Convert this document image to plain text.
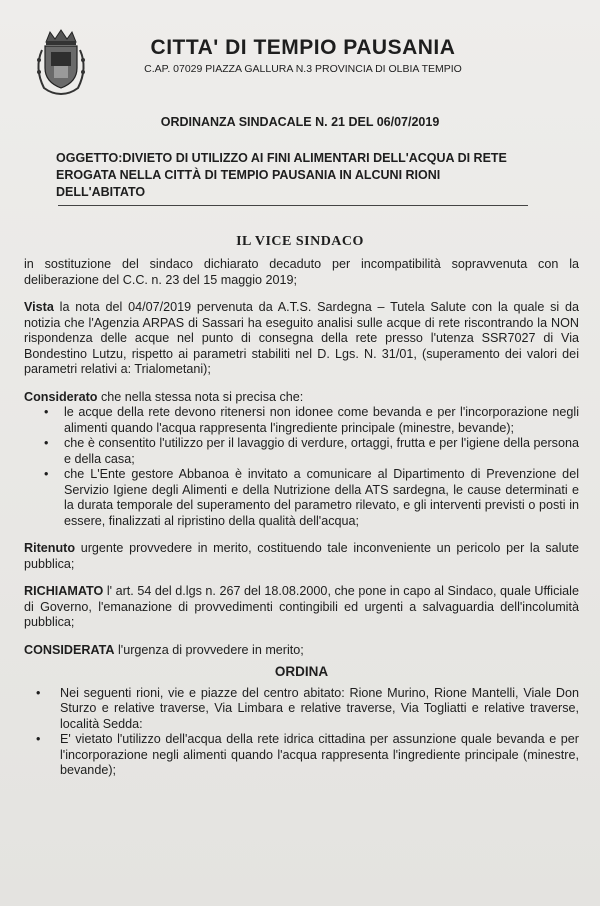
CITTA' DI TEMPIO PAUSANIA
C.AP. 07029 PIAZZA GALLURA N.3 PROVINCIA DI OLBIA TEMPIO
ORDINANZA SINDACALE N. 21 DEL 06/07/2019
OGGETTO:DIVIETO DI UTILIZZO AI FINI ALIMENTARI DELL'ACQUA DI RETE EROGATA NELLA CITTÀ DI TEMPIO PAUSANIA IN ALCUNI RIONI DELL'ABITATO
IL VICE SINDACO

in sostituzione del sindaco dichiarato decaduto per incompatibilità sopravvenuta con la deliberazione del C.C. n. 23 del 15 maggio 2019;

Vista la nota del 04/07/2019 pervenuta da A.T.S. Sardegna – Tutela Salute con la quale si da notizia che l'Agenzia ARPAS di Sassari ha eseguito analisi sulle acque di rete riscontrando la NON rispondenza delle acque nel punto di consegna della rete presso l'utenza SSR7027 di Via Bondestino Lutzu, rispetto ai parametri stabiliti nel D. Lgs. N. 31/01, (superamento dei valori dei parametri relativi a: Trialometani);

Considerato che nella stessa nota si precisa che:

• le acque della rete devono ritenersi non idonee come bevanda e per l'incorporazione negli alimenti quando l'acqua rappresenta l'ingrediente principale (minestre, bevande);
• che è consentito l'utilizzo per il lavaggio di verdure, ortaggi, frutta e per l'igiene della persona e della casa;
• che L'Ente gestore Abbanoa è invitato a comunicare al Dipartimento di Prevenzione del Servizio Igiene degli Alimenti e della Nutrizione della ATS sardegna, le cause determinati e la durata temporale del superamento del parametro rilevato, e gli interventi previsti o posti in essere, finalizzati al ripristino della qualità dell'acqua;

Ritenuto urgente provvedere in merito, costituendo tale inconveniente un pericolo per la salute pubblica;

RICHIAMATO l' art. 54 del d.lgs n. 267 del 18.08.2000, che pone in capo al Sindaco, quale Ufficiale di Governo, l'emanazione di provvedimenti contingibili ed urgenti a salvaguardia dell'incolumità pubblica;

CONSIDERATA l'urgenza di provvedere in merito;

ORDINA
• Nei seguenti rioni, vie e piazze del centro abitato: Rione Murino, Rione Mantelli, Viale Don Sturzo e relative traverse, Via Limbara e relative traverse, Via Togliatti e relative traverse, località Sedda:
• E' vietato l'utilizzo dell'acqua della rete idrica cittadina per assunzione quale bevanda e per l'incorporazione negli alimenti quando l'acqua rappresenta l'ingrediente principale (minestre, bevande);
